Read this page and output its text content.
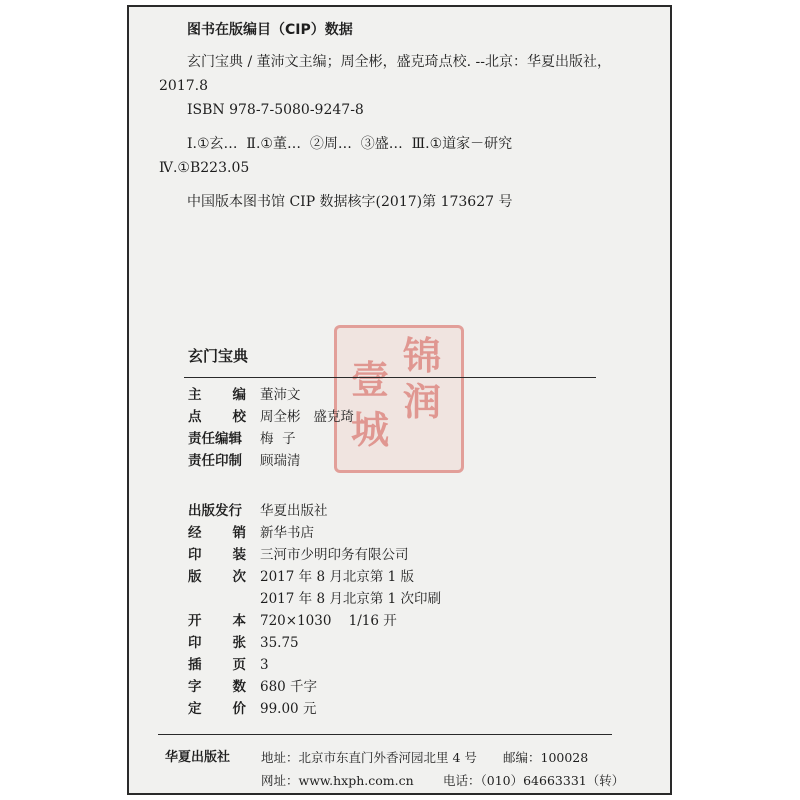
图书在版编目（CIP）数据
玄门宝典 / 董沛文主编；周全彬，盛克琦点校. --北京：华夏出版社，
2017.8
ISBN 978-7-5080-9247-8
Ⅰ.①玄…  Ⅱ.①董…  ②周…  ③盛…  Ⅲ.①道家－研究
Ⅳ.①B223.05
中国版本图书馆 CIP 数据核字(2017)第 173627 号
锦
润
壹
城
玄门宝典
主 编 董沛文
点 校 周全彬   盛克琦
责任编辑 梅  子
责任印制 顾瑞清
出版发行 华夏出版社
经 销 新华书店
印 装 三河市少明印务有限公司
版 次 2017 年 8 月北京第 1 版
2017 年 8 月北京第 1 次印刷
开 本 720×1030    1/16 开
印 张 35.75
插 页 3
字 数 680 千字
定 价 99.00 元
华夏出版社 地址：北京市东直门外香河园北里 4 号 邮编：100028
网址：www.hxph.com.cn 电话：（010）64663331（转）
